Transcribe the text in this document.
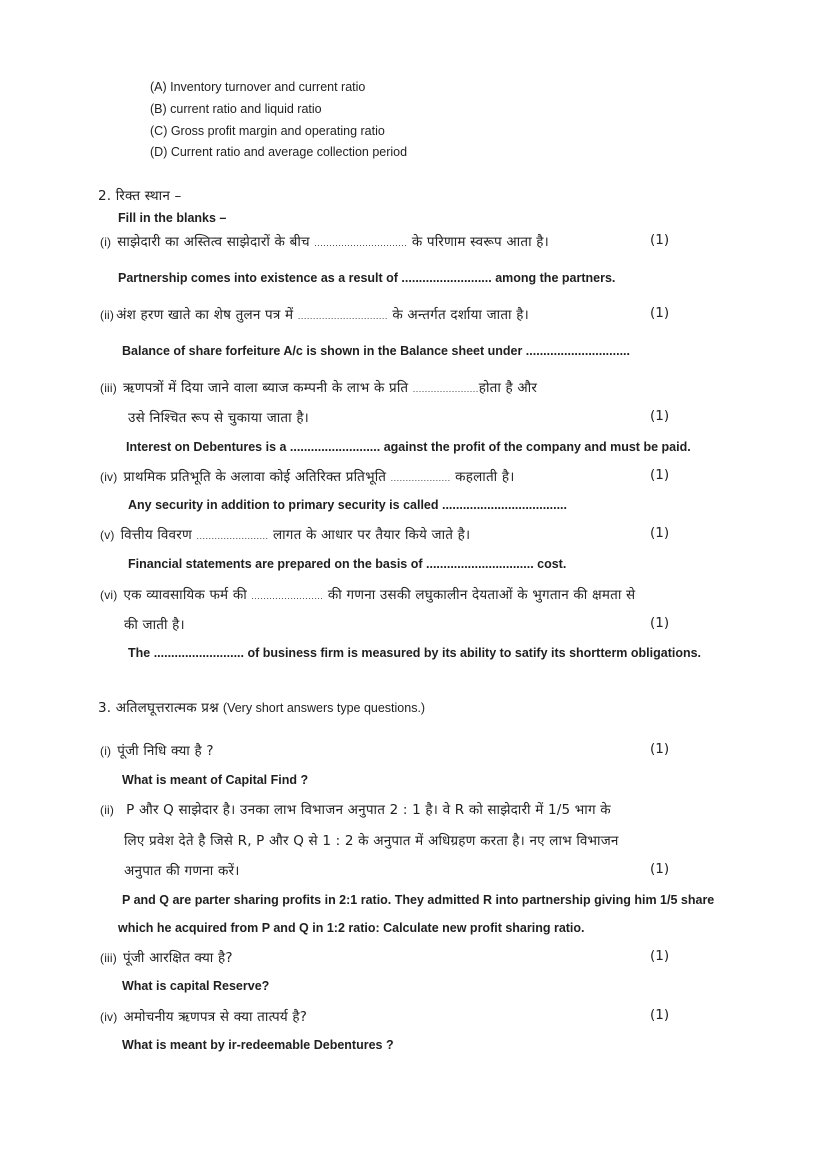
(A) Inventory turnover and current ratio
(B) current ratio and liquid ratio
(C) Gross profit margin and operating ratio
(D) Current ratio and average collection period
2. रिक्त स्थान –
Fill in the blanks –
(i) साझेदारी का अस्तित्व साझेदारों के बीच ............................... के परिणाम स्वरूप आता है।	(1)
Partnership comes into existence as a result of .......................... among the partners.
(ii) अंश हरण खाते का शेष तुलन पत्र में .............................. के अन्तर्गत दर्शाया जाता है।	(1)
Balance of share forfeiture A/c is shown in the Balance sheet under ..............................
(iii) ऋणपत्रों में दिया जाने वाला ब्याज कम्पनी के लाभ के प्रति ......................होता है और
उसे निश्चित रूप से चुकाया जाता है।	(1)
Interest on Debentures is a .......................... against the profit of the company and must be paid.
(iv) प्राथमिक प्रतिभूति के अलावा कोई अतिरिक्त प्रतिभूति .................... कहलाती है।	(1)
Any security in addition to primary security is called ....................................
(v) वित्तीय विवरण ........................ लागत के आधार पर तैयार किये जाते है।	(1)
Financial statements are prepared on the basis of ............................... cost.
(vi) एक व्यावसायिक फर्म की ........................ की गणना उसकी लघुकालीन देयताओं के भुगतान की क्षमता से
की जाती है।	(1)
The .......................... of business firm is measured by its ability to satify its shortterm obligations.
3. अतिलघूत्तरात्मक प्रश्न (Very short answers type questions.)
(i) पूंजी निधि क्या है ?	(1)
What is meant of Capital Find ?
(ii) P और Q साझेदार है। उनका लाभ विभाजन अनुपात 2 : 1 है। वे R को साझेदारी में 1/5 भाग के
लिए प्रवेश देते है जिसे R, P और Q से 1 : 2 के अनुपात में अधिग्रहण करता है। नए लाभ विभाजन
अनुपात की गणना करें।	(1)
P and Q are parter sharing profits in 2:1 ratio. They admitted R into partnership giving him 1/5 share
which he acquired from P and Q in 1:2 ratio: Calculate new profit sharing ratio.
(iii) पूंजी आरक्षित क्या है?	(1)
What is capital Reserve?
(iv) अमोचनीय ऋणपत्र से क्या तात्पर्य है?	(1)
What is meant by ir-redeemable Debentures ?
